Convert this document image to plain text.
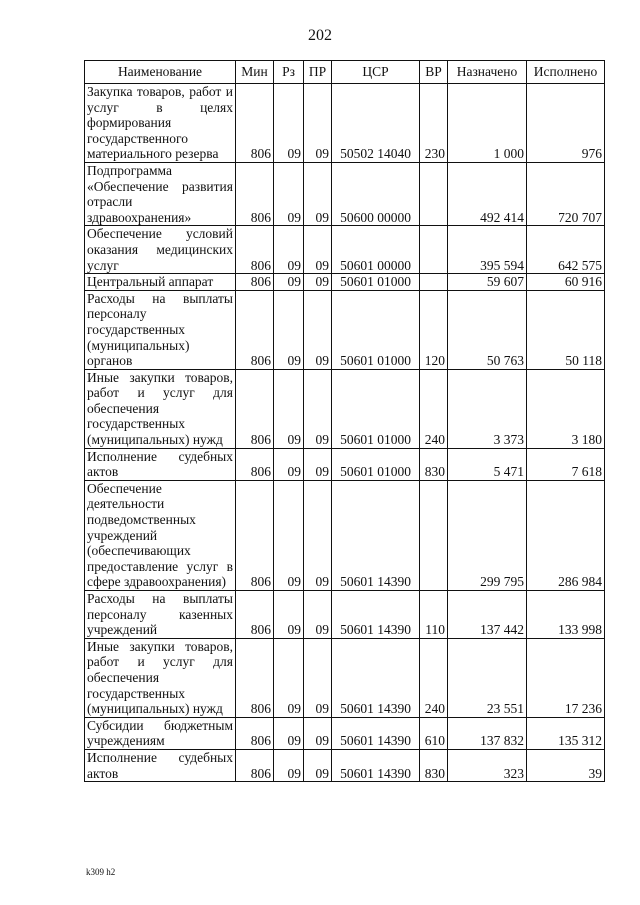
202
Наименование	Мин	Рз	ПР	ЦСР	ВР	Назначено	Исполнено
Закупка товаров, работ и услуг в целях формирования государственного материального резерва	806	09	09	50502 14040	230	1 000	976
Подпрограмма «Обеспечение развития отрасли здравоохранения»	806	09	09	50600 00000		492 414	720 707
Обеспечение условий оказания медицинских услуг	806	09	09	50601 00000		395 594	642 575
Центральный аппарат	806	09	09	50601 01000		59 607	60 916
Расходы на выплаты персоналу государственных (муниципальных) органов	806	09	09	50601 01000	120	50 763	50 118
Иные закупки товаров, работ и услуг для обеспечения государственных (муниципальных) нужд	806	09	09	50601 01000	240	3 373	3 180
Исполнение судебных актов	806	09	09	50601 01000	830	5 471	7 618
Обеспечение деятельности подведомственных учреждений (обеспечивающих предоставление услуг в сфере здравоохранения)	806	09	09	50601 14390		299 795	286 984
Расходы на выплаты персоналу казенных учреждений	806	09	09	50601 14390	110	137 442	133 998
Иные закупки товаров, работ и услуг для обеспечения государственных (муниципальных) нужд	806	09	09	50601 14390	240	23 551	17 236
Субсидии бюджетным учреждениям	806	09	09	50601 14390	610	137 832	135 312
Исполнение судебных актов	806	09	09	50601 14390	830	323	39
k309 h2
